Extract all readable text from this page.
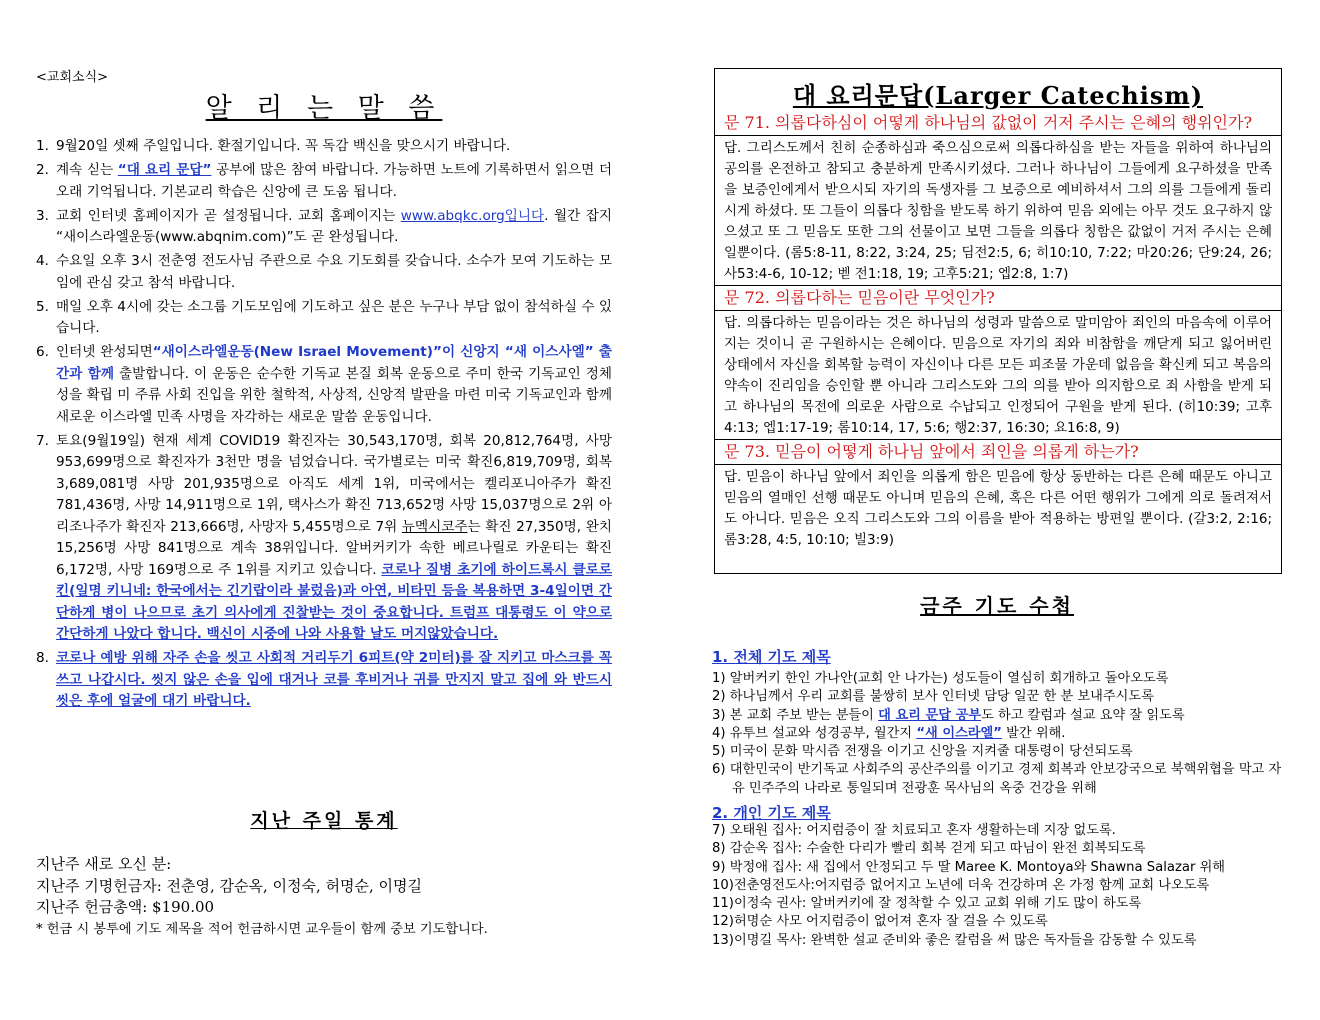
<교회소식>
알 리 는 말 씀
1. 9월20일 셋째 주일입니다. 환절기입니다. 꼭 독감 백신을 맞으시기 바랍니다.
2. 계속 싣는 “대 요리 문답” 공부에 많은 참여 바랍니다. 가능하면 노트에 기록하면서 읽으면 더 오래 기억됩니다. 기본교리 학습은 신앙에 큰 도움 됩니다.
3. 교회 인터넷 홈페이지가 곧 설정됩니다. 교회 홈페이지는 www.abqkc.org입니다. 월간 잡지 “새이스라엘운동(www.abqnim.com)”도 곧 완성됩니다.
4. 수요일 오후 3시 전춘영 전도사님 주관으로 수요 기도회를 갖습니다. 소수가 모여 기도하는 모임에 관심 갖고 참석 바랍니다.
5. 매일 오후 4시에 갖는 소그룹 기도모임에 기도하고 싶은 분은 누구나 부담 없이 참석하실 수 있습니다.
6. 인터넷 완성되면“새이스라엘운동(New Israel Movement)”이 신앙지 “새 이스사엘” 출간과 함께 출발합니다. 이 운동은 순수한 기독교 본질 회복 운동으로 주미 한국 기독교인 정체성을 확립 미 주류 사회 진입을 위한 철학적, 사상적, 신앙적 발판을 마련 미국 기독교인과 함께 새로운 이스라엘 민족 사명을 자각하는 새로운 말씀 운동입니다.
7. 토요(9월19일) 현재 세계 COVID19 확진자는 30,543,170명, 회복 20,812,764명, 사망 953,699명으로 확진자가 3천만 명을 넘었습니다. 국가별로는 미국 확진6,819,709명, 회복 3,689,081명 사망 201,935명으로 아직도 세계 1위, 미국에서는 켈리포니아주가 확진 781,436명, 사망 14,911명으로 1위, 택사스가 확진 713,652명 사망 15,037명으로 2위 아리조나주가 확진자 213,666명, 사망자 5,455명으로 7위 뉴멕시코주는 확진 27,350명, 완치 15,256명 사망 841명으로 계속 38위입니다. 알버커키가 속한 베르나릴로 카운티는 확진 6,172명, 사망 169명으로 주 1위를 지키고 있습니다. 코로나 질병 초기에 하이드록시 클로로킨(일명 키니네: 한국에서는 긴기랍이라 불렀음)과 아연, 비타민 등을 복용하면 3-4일이면 간단하게 병이 나으므로 초기 의사에게 진찰받는 것이 중요합니다. 트럼프 대통령도 이 약으로 간단하게 나았다 합니다. 백신이 시중에 나와 사용할 날도 머지않았습니다.
8. 코로나 예방 위해 자주 손을 씻고 사회적 거리두기 6피트(약 2미터)를 잘 지키고 마스크를 꼭 쓰고 나갑시다. 씻지 않은 손을 입에 대거나 코를 후비거나 귀를 만지지 말고 집에 와 반드시 씻은 후에 얼굴에 대기 바랍니다.
지난 주일 통계
지난주 새로 오신 분:
지난주 기명헌금자: 전춘영, 감순옥, 이정숙, 허명순, 이명길
지난주 헌금총액: $190.00
* 헌금 시 봉투에 기도 제목을 적어 헌금하시면 교우들이 함께 중보 기도합니다.
대 요리문답(Larger Catechism)
문 71. 의롭다하심이 어떻게 하나님의 값없이 거저 주시는 은혜의 행위인가?
답. 그리스도께서 친히 순종하심과 죽으심으로써 의롭다하심을 받는 자들을 위하여 하나님의 공의를 온전하고 참되고 충분하게 만족시키셨다. 그러나 하나님이 그들에게 요구하셨을 만족을 보증인에게서 받으시되 자기의 독생자를 그 보증으로 예비하셔서 그의 의를 그들에게 돌리시게 하셨다. 또 그들이 의롭다 칭함을 받도록 하기 위하여 믿음 외에는 아무 것도 요구하지 않으셨고 또 그 믿음도 또한 그의 선물이고 보면 그들을 의롭다 칭함은 값없이 거저 주시는 은혜일뿐이다. (롬5:8-11, 8:22, 3:24, 25; 딤전2:5, 6; 히10:10, 7:22; 마20:26; 단9:24, 26; 사53:4-6, 10-12; 벧 전1:18, 19; 고후5:21; 엡2:8, 1:7)
문 72. 의롭다하는 믿음이란 무엇인가?
답. 의롭다하는 믿음이라는 것은 하나님의 성령과 말씀으로 말미암아 죄인의 마음속에 이루어지는 것이니 곧 구원하시는 은혜이다. 믿음으로 자기의 죄와 비참함을 깨닫게 되고 잃어버린 상태에서 자신을 회복할 능력이 자신이나 다른 모든 피조물 가운데 없음을 확신케 되고 복음의 약속이 진리임을 승인할 뿐 아니라 그리스도와 그의 의를 받아 의지함으로 죄 사함을 받게 되고 하나님의 목전에 의로운 사람으로 수납되고 인정되어 구원을 받게 된다. (히10:39; 고후4:13; 엡1:17-19; 롬10:14, 17, 5:6; 행2:37, 16:30; 요16:8, 9)
문 73. 믿음이 어떻게 하나님 앞에서 죄인을 의롭게 하는가?
답. 믿음이 하나님 앞에서 죄인을 의롭게 함은 믿음에 항상 동반하는 다른 은혜 때문도 아니고 믿음의 열매인 선행 때문도 아니며 믿음의 은혜, 혹은 다른 어떤 행위가 그에게 의로 돌려져서도 아니다. 믿음은 오직 그리스도와 그의 이름을 받아 적용하는 방편일 뿐이다. (갈3:2, 2:16; 롬3:28, 4:5, 10:10; 빌3:9)
금주 기도 수첩
1. 전체 기도 제목
1) 알버커키 한인 가나안(교회 안 나가는) 성도들이 열심히 회개하고 돌아오도록
2) 하나님께서 우리 교회를 불쌍히 보사 인터넷 담당 일꾼 한 분 보내주시도록
3) 본 교회 주보 받는 분들이 대 요리 문답 공부도 하고 칼럼과 설교 요약 잘 읽도록
4) 유투브 설교와 성경공부, 월간지 “새 이스라엘” 발간 위해.
5) 미국이 문화 막시즘 전쟁을 이기고 신앙을 지켜줄 대통령이 당선되도록
6) 대한민국이 반기독교 사회주의 공산주의를 이기고 경제 회복과 안보강국으로 북핵위협을 막고 자유 민주주의 나라로 통일되며 전광훈 목사님의 옥중 건강을 위해
2. 개인 기도 제목
7) 오태원 집사: 어지럼증이 잘 치료되고 혼자 생활하는데 지장 없도록.
8) 감순옥 집사: 수술한 다리가 빨리 회복 걷게 되고 따님이 완전 회복되도록
9) 박정애 집사: 새 집에서 안정되고 두 딸 Maree K. Montoya와 Shawna Salazar 위해
10)전춘영전도사:어지럼증 없어지고 노년에 더욱 건강하며 온 가정 함께 교회 나오도록
11)이정숙 권사: 알버커키에 잘 정착할 수 있고 교회 위해 기도 많이 하도록
12)허명순 사모 어지럼증이 없어져 혼자 잘 걸을 수 있도록
13)이명길 목사: 완벽한 설교 준비와 좋은 칼럼을 써 많은 독자들을 감동할 수 있도록
